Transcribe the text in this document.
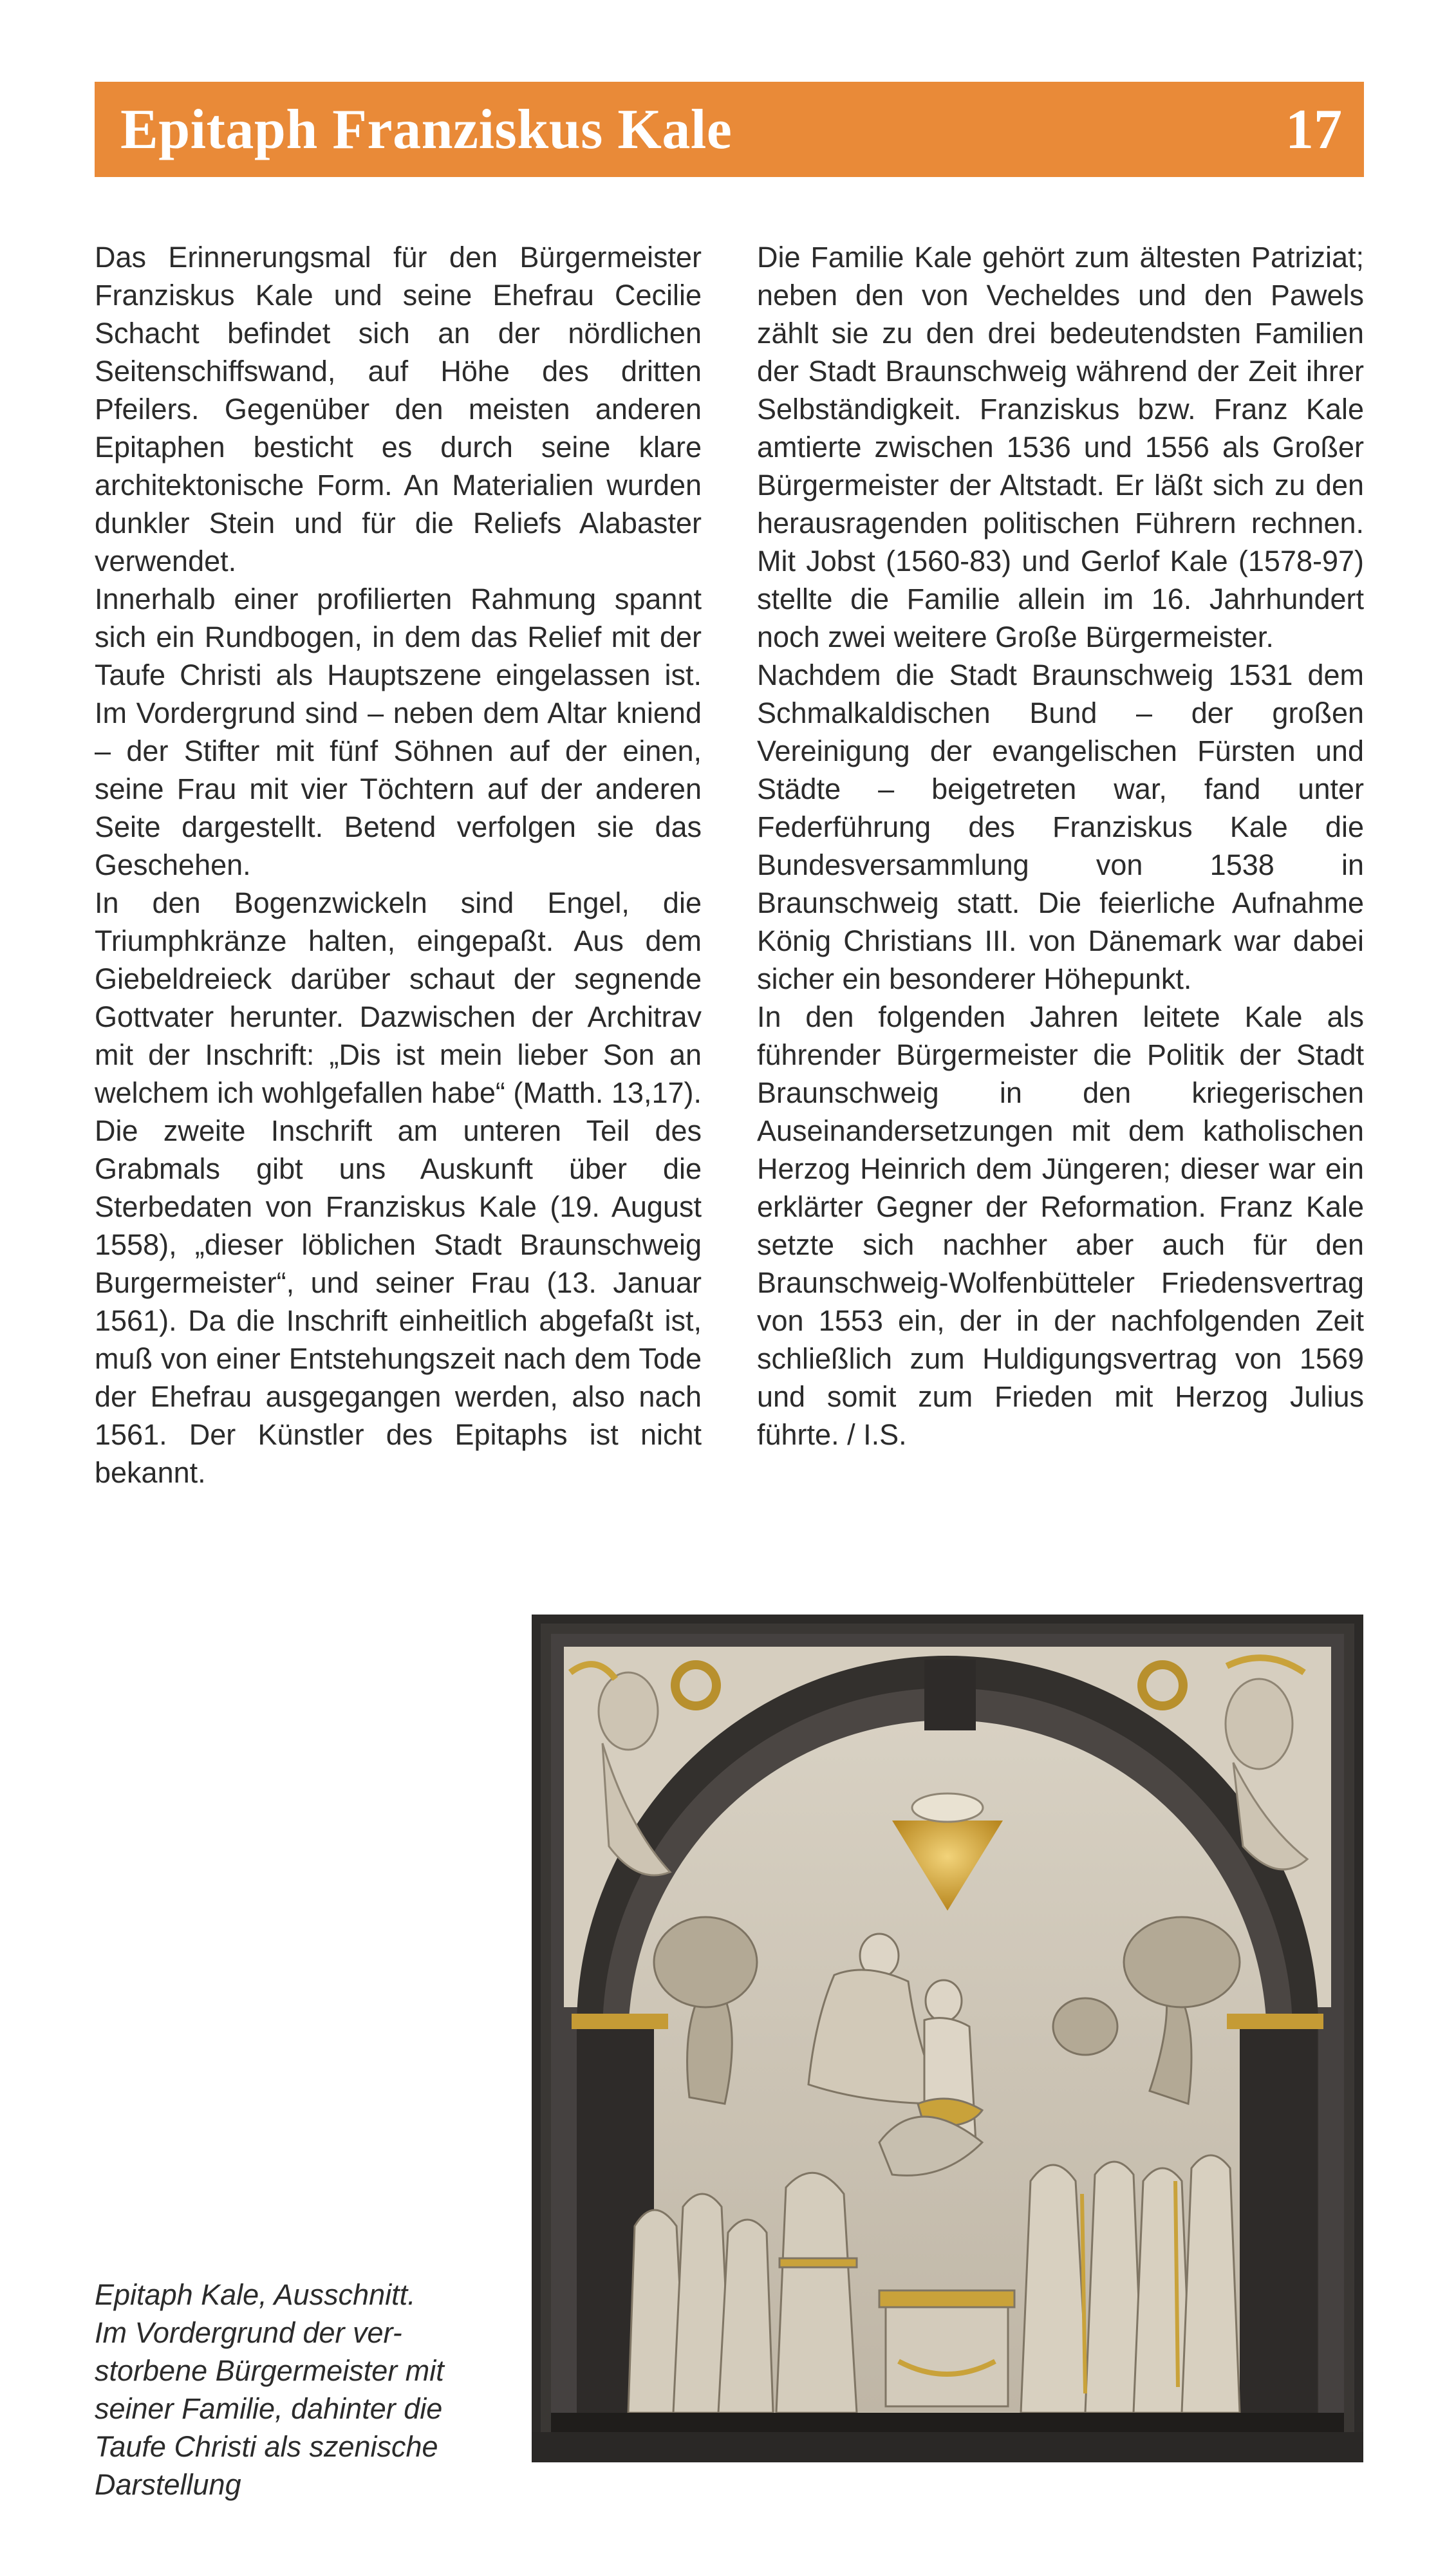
Epitaph Franziskus Kale	17

Das Erinnerungsmal für den Bürgermeister Franziskus Kale und seine Ehefrau Cecilie Schacht befindet sich an der nördlichen Seitenschiffswand, auf Höhe des dritten Pfeilers. Gegenüber den meisten anderen Epitaphen besticht es durch seine klare architektonische Form. An Materialien wurden dunkler Stein und für die Reliefs Alabaster verwendet.

Innerhalb einer profilierten Rahmung spannt sich ein Rundbogen, in dem das Relief mit der Taufe Christi als Hauptszene eingelassen ist. Im Vordergrund sind – neben dem Altar kniend – der Stifter mit fünf Söhnen auf der einen, seine Frau mit vier Töchtern auf der anderen Seite dargestellt. Betend verfolgen sie das Geschehen.

In den Bogenzwickeln sind Engel, die Triumphkränze halten, eingepaßt. Aus dem Giebeldreieck darüber schaut der segnende Gottvater herunter. Dazwischen der Architrav mit der Inschrift: „Dis ist mein lieber Son an welchem ich wohlgefallen habe“ (Matth. 13,17). Die zweite Inschrift am unteren Teil des Grabmals gibt uns Auskunft über die Sterbedaten von Franziskus Kale (19. August 1558), „dieser löblichen Stadt Braunschweig Burgermeister“, und seiner Frau (13. Januar 1561). Da die Inschrift einheitlich abgefaßt ist, muß von einer Entstehungszeit nach dem Tode der Ehefrau ausgegangen werden, also nach 1561. Der Künstler des Epitaphs ist nicht bekannt.

Die Familie Kale gehört zum ältesten Patriziat; neben den von Vecheldes und den Pawels zählt sie zu den drei bedeutendsten Familien der Stadt Braunschweig während der Zeit ihrer Selbständigkeit. Franziskus bzw. Franz Kale amtierte zwischen 1536 und 1556 als Großer Bürgermeister der Altstadt. Er läßt sich zu den herausragenden politischen Führern rechnen. Mit Jobst (1560-83) und Gerlof Kale (1578-97) stellte die Familie allein im 16. Jahrhundert noch zwei weitere Große Bürgermeister.

Nachdem die Stadt Braunschweig 1531 dem Schmalkaldischen Bund – der großen Vereinigung der evangelischen Fürsten und Städte – beigetreten war, fand unter Federführung des Franziskus Kale die Bundesversammlung von 1538 in Braunschweig statt. Die feierliche Aufnahme König Christians III. von Dänemark war dabei sicher ein besonderer Höhepunkt.

In den folgenden Jahren leitete Kale als führender Bürgermeister die Politik der Stadt Braunschweig in den kriegerischen Auseinandersetzungen mit dem katholischen Herzog Heinrich dem Jüngeren; dieser war ein erklärter Gegner der Reformation. Franz Kale setzte sich nachher aber auch für den Braunschweig-Wolfenbütteler Friedensvertrag von 1553 ein, der in der nachfolgenden Zeit schließlich zum Huldigungsvertrag von 1569 und somit zum Frieden mit Herzog Julius führte. / I.S.

Epitaph Kale, Ausschnitt.
Im Vordergrund der ver-
storbene Bürgermeister mit
seiner Familie, dahinter die
Taufe Christi als szenische
Darstellung
